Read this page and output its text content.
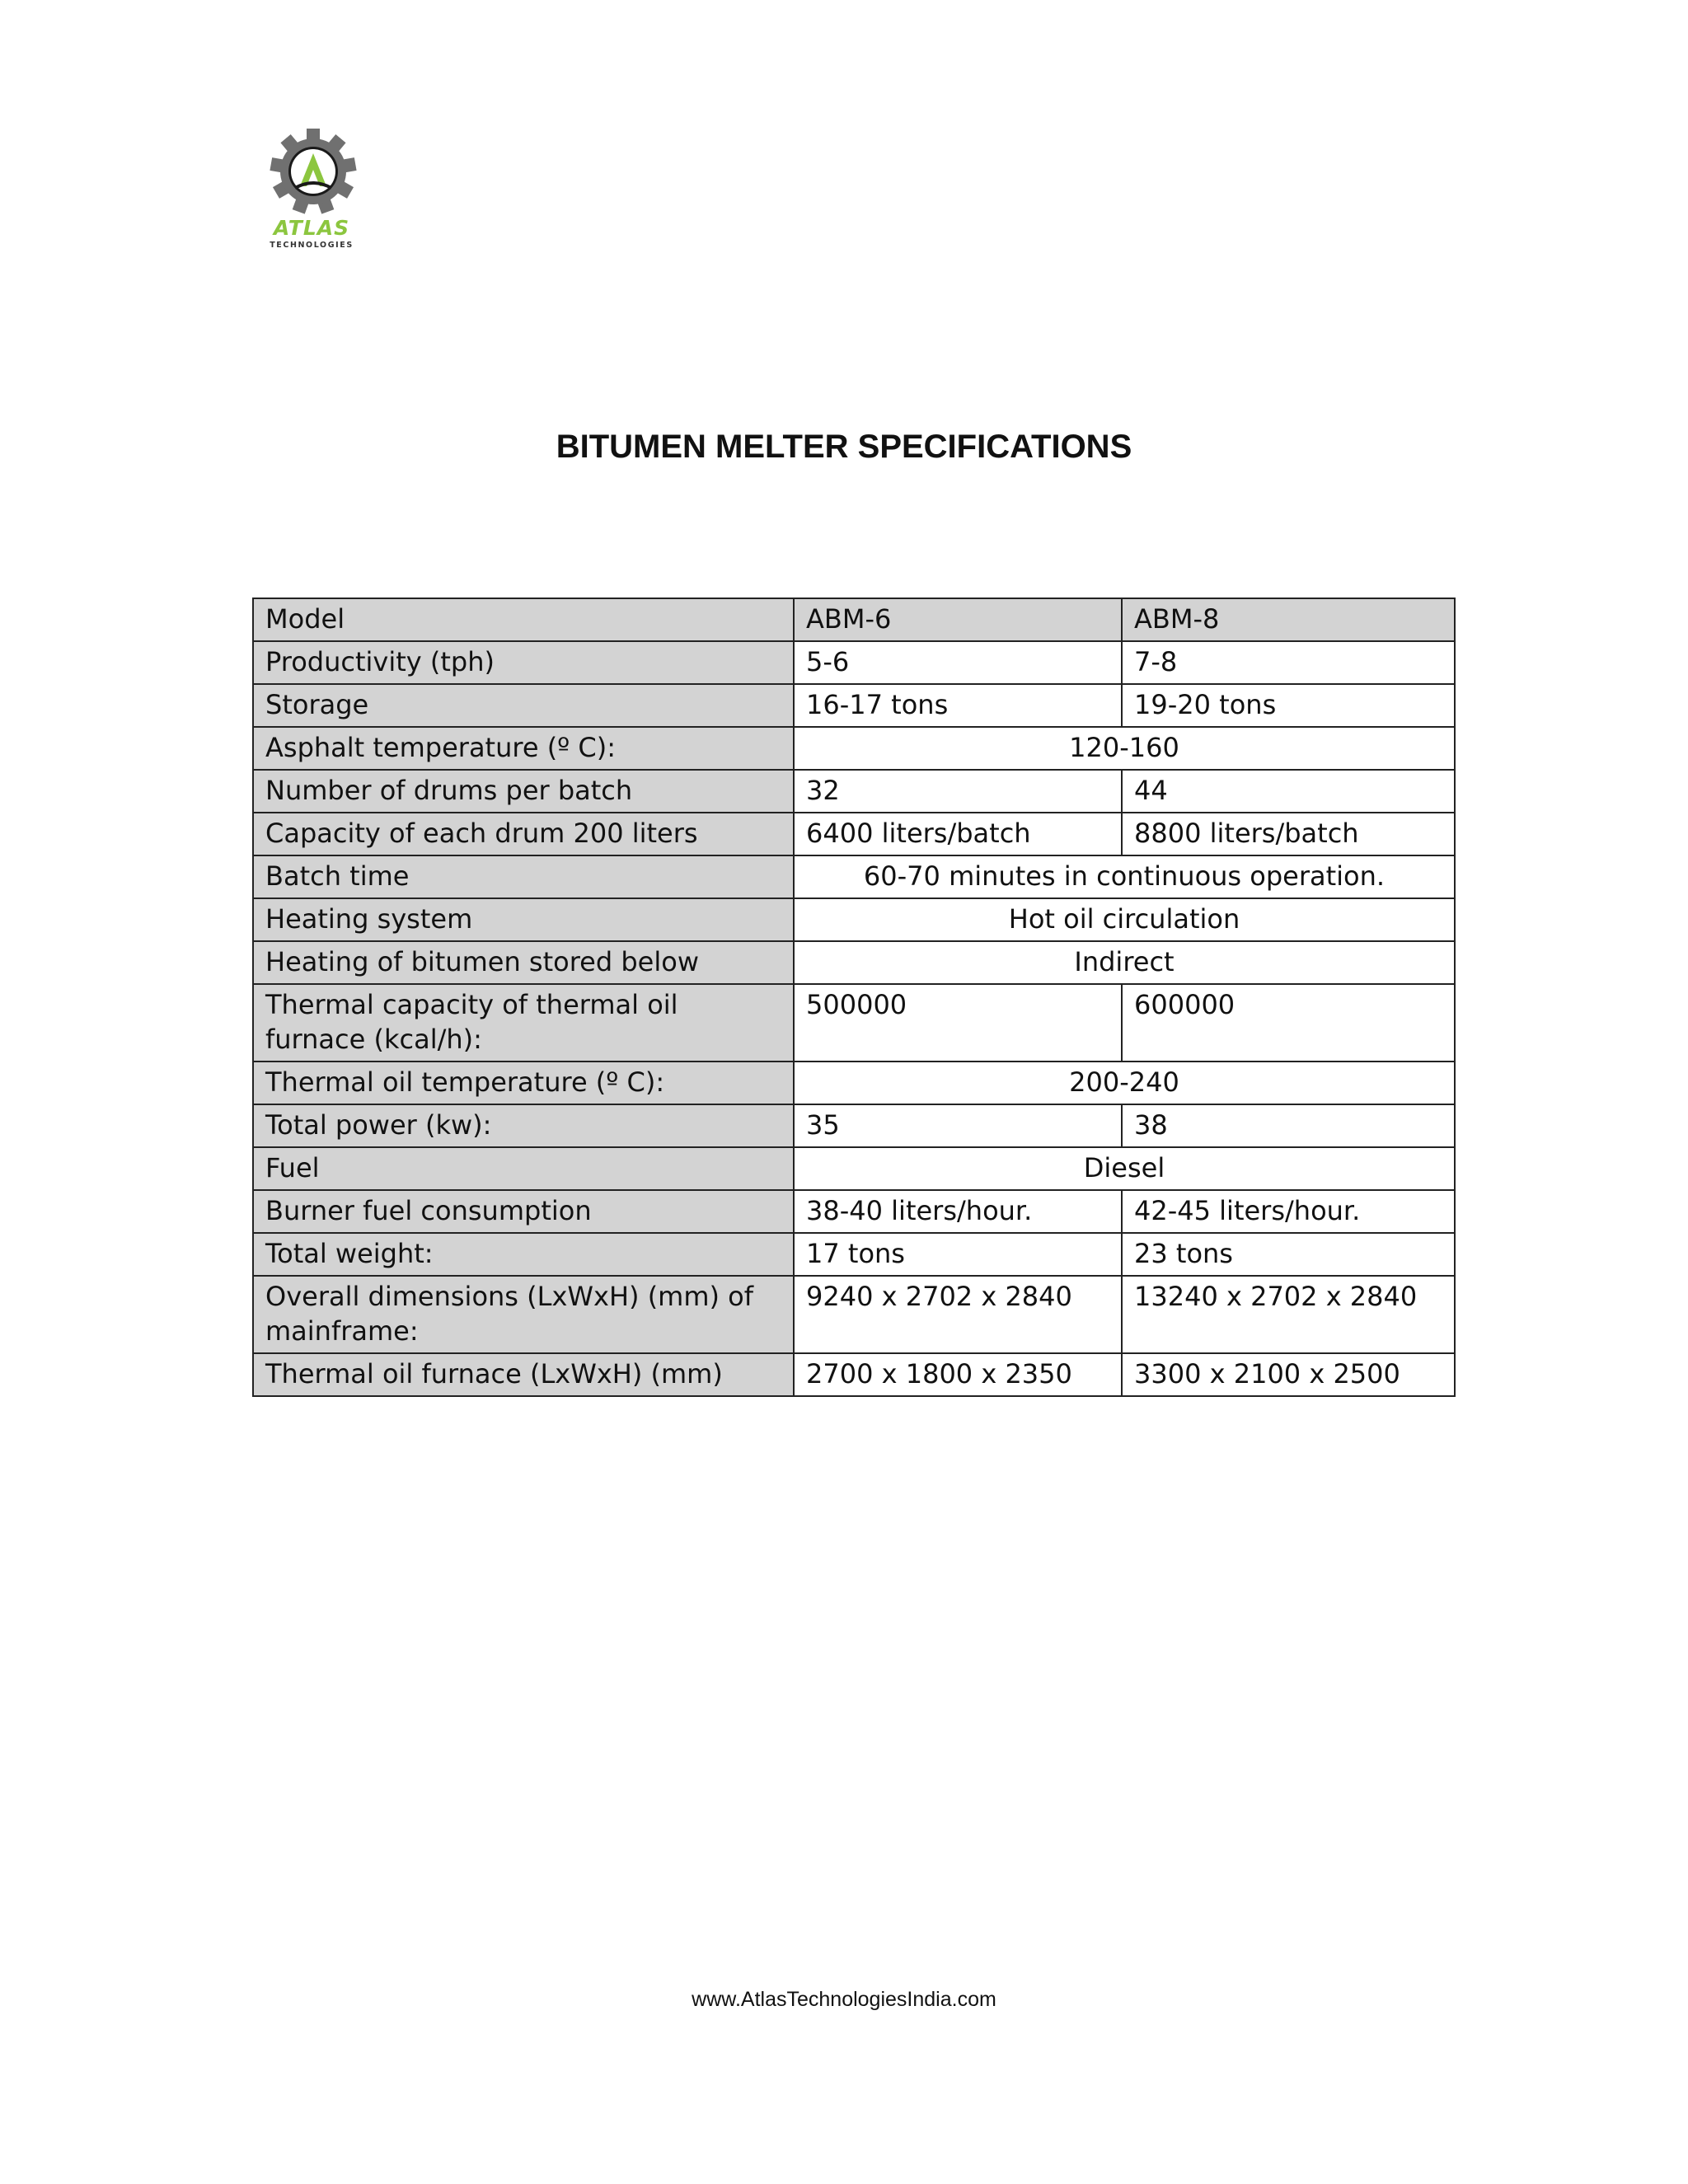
ATLAS
TECHNOLOGIES
BITUMEN MELTER SPECIFICATIONS
Model	ABM-6	ABM-8
Productivity (tph)	5-6	7-8
Storage	16-17 tons	19-20 tons
Asphalt temperature (º C):	120-160	
Number of drums per batch	32	44
Capacity of each drum 200 liters	6400 liters/batch	8800 liters/batch
Batch time	60-70 minutes in continuous operation.	
Heating system	Hot oil circulation	
Heating of bitumen stored below	Indirect	
Thermal capacity of thermal oil furnace (kcal/h):	500000	600000
Thermal oil temperature (º C):	200-240	
Total power (kw):	35	38
Fuel	Diesel	
Burner fuel consumption	38-40 liters/hour.	42-45 liters/hour.
Total weight:	17 tons	23 tons
Overall dimensions (LxWxH) (mm) of mainframe:	9240 x 2702 x 2840	13240 x 2702 x 2840
Thermal oil furnace (LxWxH) (mm)	2700 x 1800 x 2350	3300 x 2100 x 2500
www.AtlasTechnologiesIndia.com
